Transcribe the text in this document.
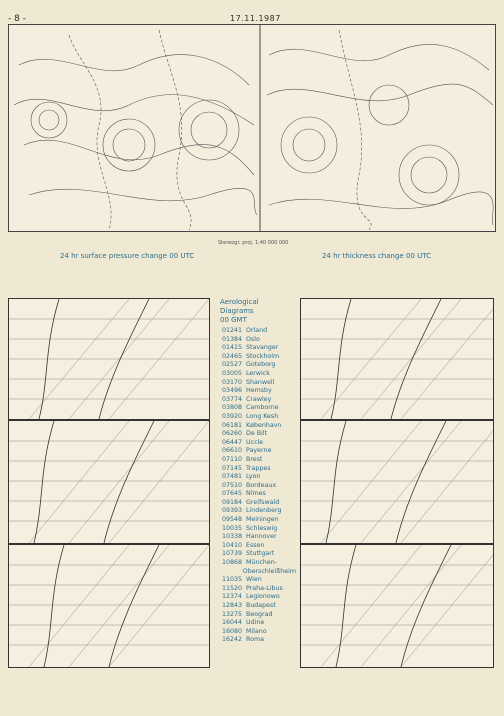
- 8 -	17.11.1987
Stereogr. proj. 1:40 000 000
24 hr surface pressure change 00 UTC	24 hr thickness change 00 UTC
Aerological
Diagrams
00 GMT
01241 Orland
01384 Oslo
01415 Stavanger
02465 Stockholm
02527 Goteborg
03005 Lerwick
03170 Shanwell
03496 Hemsby
03774 Crawley
03808 Camborne
03920 Long Kesh
06181 København
06260 De Bilt
06447 Uccle
06610 Payerne
07110 Brest
07145 Trappes
07481 Lyon
07510 Bordeaux
07645 Nîmes
09184 Greifswald
09393 Lindenberg
09548 Meiningen
10035 Schleswig
10338 Hannover
10410 Essen
10739 Stuttgart
10868 München-
Oberschleißheim
11035 Wien
11520 Praha-Libus
12374 Legionowo
12843 Budapest
13275 Beograd
16044 Udine
16080 Milano
16242 Roma
